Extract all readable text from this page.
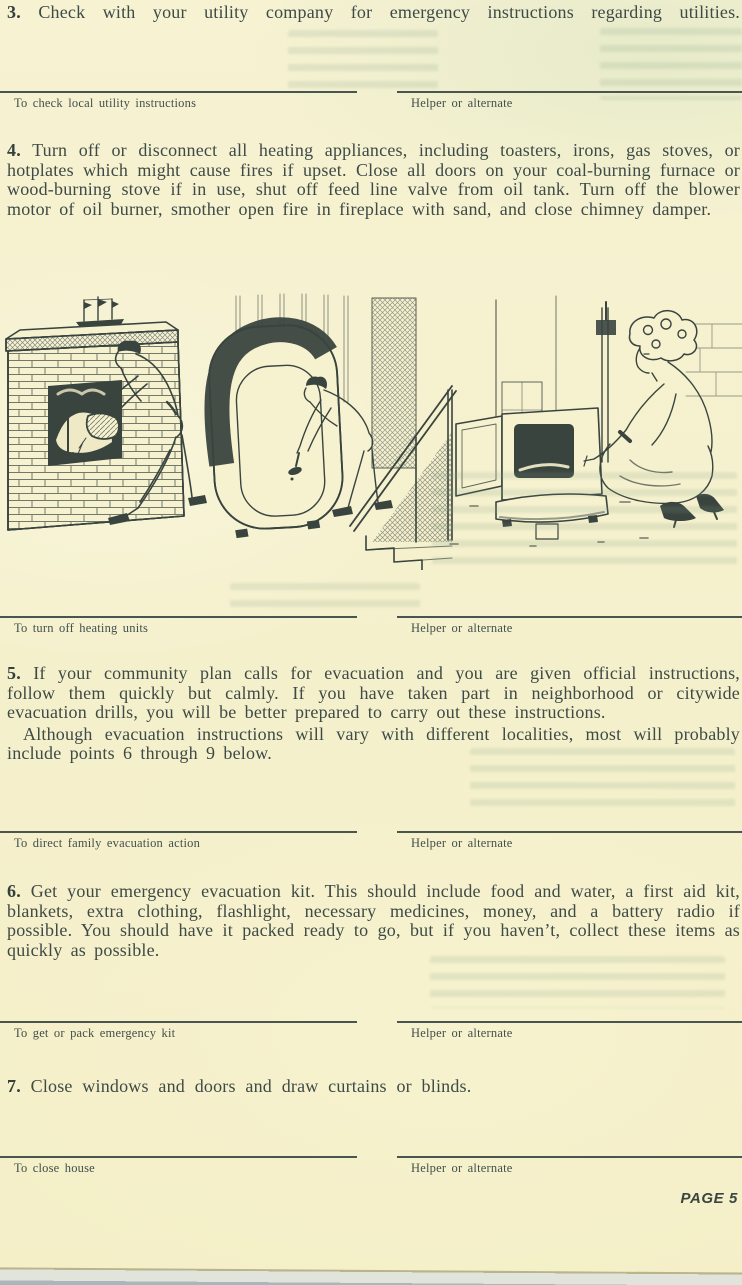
3. Check with your utility company for emergency instructions regarding utilities.

To check local utility instructions	Helper or alternate

4. Turn off or disconnect all heating appliances, including toasters, irons, gas stoves, or hotplates which might cause fires if upset. Close all doors on your coal-burning furnace or wood-burning stove if in use, shut off feed line valve from oil tank. Turn off the blower motor of oil burner, smother open fire in fireplace with sand, and close chimney damper.

To turn off heating units	Helper or alternate

5. If your community plan calls for evacuation and you are given official instructions, follow them quickly but calmly. If you have taken part in neighborhood or citywide evacuation drills, you will be better prepared to carry out these instructions.

Although evacuation instructions will vary with different localities, most will probably include points 6 through 9 below.

To direct family evacuation action	Helper or alternate

6. Get your emergency evacuation kit. This should include food and water, a first aid kit, blankets, extra clothing, flashlight, necessary medicines, money, and a battery radio if possible. You should have it packed ready to go, but if you haven’t, collect these items as quickly as possible.

To get or pack emergency kit	Helper or alternate

7. Close windows and doors and draw curtains or blinds.

To close house	Helper or alternate
PAGE 5
